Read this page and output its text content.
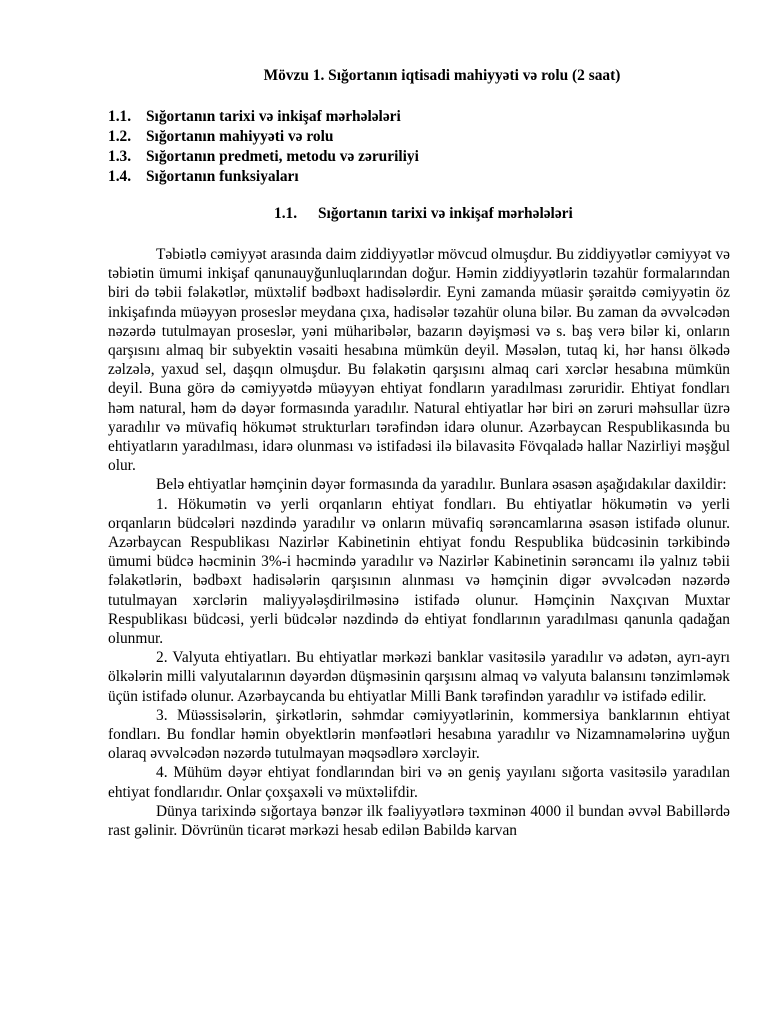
Mövzu 1. Sığortanın iqtisadi mahiyyəti və rolu (2 saat)
1.1. Sığortanın tarixi və inkişaf mərhələləri
1.2. Sığortanın mahiyyəti və rolu
1.3. Sığortanın predmeti, metodu və zəruriliyi
1.4. Sığortanın funksiyaları
1.1. Sığortanın tarixi və inkişaf mərhələləri

Təbiətlə cəmiyyət arasında daim ziddiyyətlər mövcud olmuşdur. Bu ziddiyyətlər cəmiyyət və təbiətin ümumi inkişaf qanunauyğunluqlarından doğur. Həmin ziddiyyətlərin təzahür formalarından biri də təbii fəlakətlər, müxtəlif bədbəxt hadisələrdir. Eyni zamanda müasir şəraitdə cəmiyyətin öz inkişafında müəyyən proseslər meydana çıxa, hadisələr təzahür oluna bilər. Bu zaman da əvvəlcədən nəzərdə tutulmayan proseslər, yəni müharibələr, bazarın dəyişməsi və s. baş verə bilər ki, onların qarşısını almaq bir subyektin vəsaiti hesabına mümkün deyil. Məsələn, tutaq ki, hər hansı ölkədə zəlzələ, yaxud sel, daşqın olmuşdur. Bu fəlakətin qarşısını almaq cari xərclər hesabına mümkün deyil. Buna görə də cəmiyyətdə müəyyən ehtiyat fondların yaradılması zəruridir. Ehtiyat fondları həm natural, həm də dəyər formasında yaradılır. Natural ehtiyatlar hər biri ən zəruri məhsullar üzrə yaradılır və müvafiq hökumət strukturları tərəfindən idarə olunur. Azərbaycan Respublikasında bu ehtiyatların yaradılması, idarə olunması və istifadəsi ilə bilavasitə Fövqaladə hallar Nazirliyi məşğul olur.

Belə ehtiyatlar həmçinin dəyər formasında da yaradılır. Bunlara əsasən aşağıdakılar daxildir:

1. Hökumətin və yerli orqanların ehtiyat fondları. Bu ehtiyatlar hökumətin və yerli orqanların büdcələri nəzdində yaradılır və onların müvafiq sərəncamlarına əsasən istifadə olunur. Azərbaycan Respublikası Nazirlər Kabinetinin ehtiyat fondu Respublika büdcəsinin tərkibində ümumi büdcə həcminin 3%-i həcmində yaradılır və Nazirlər Kabinetinin sərəncamı ilə yalnız təbii fəlakətlərin, bədbəxt hadisələrin qarşısının alınması və həmçinin digər əvvəlcədən nəzərdə tutulmayan xərclərin maliyyələşdirilməsinə istifadə olunur. Həmçinin Naxçıvan Muxtar Respublikası büdcəsi, yerli büdcələr nəzdində də ehtiyat fondlarının yaradılması qanunla qadağan olunmur.

2. Valyuta ehtiyatları. Bu ehtiyatlar mərkəzi banklar vasitəsilə yaradılır və adətən, ayrı-ayrı ölkələrin milli valyutalarının dəyərdən düşməsinin qarşısını almaq və valyuta balansını tənzimləmək üçün istifadə olunur. Azərbaycanda bu ehtiyatlar Milli Bank tərəfindən yaradılır və istifadə edilir.

3. Müəssisələrin, şirkətlərin, səhmdar cəmiyyətlərinin, kommersiya banklarının ehtiyat fondları. Bu fondlar həmin obyektlərin mənfəətləri hesabına yaradılır və Nizamnamələrinə uyğun olaraq əvvəlcədən nəzərdə tutulmayan məqsədlərə xərcləyir.

4. Mühüm dəyər ehtiyat fondlarından biri və ən geniş yayılanı sığorta vasitəsilə yaradılan ehtiyat fondlarıdır. Onlar çoxşaxəli və müxtəlifdir.

Dünya tarixində sığortaya bənzər ilk fəaliyyətlərə təxminən 4000 il bundan əvvəl Babillərdə rast gəlinir. Dövrünün ticarət mərkəzi hesab edilən Babildə karvan
